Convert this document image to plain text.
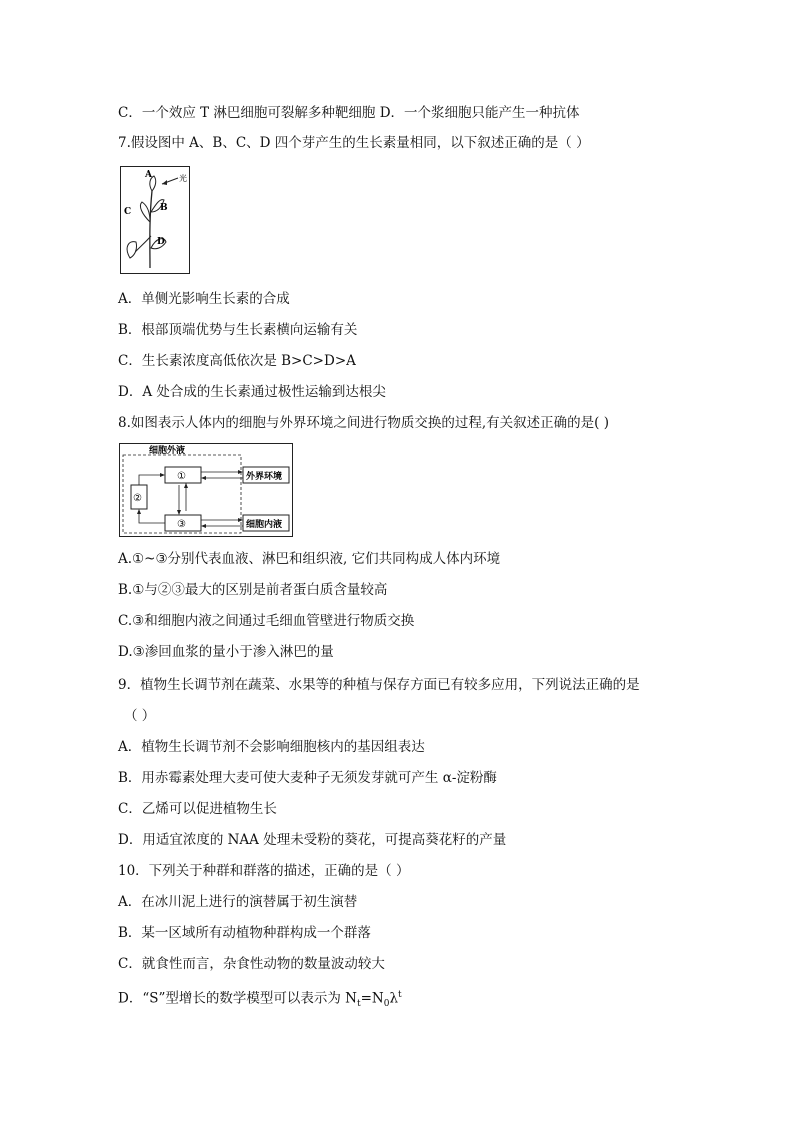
C．一个效应 T 淋巴细胞可裂解多种靶细胞 D．一个浆细胞只能产生一种抗体
7.假设图中 A、B、C、D 四个芽产生的生长素量相同，以下叙述正确的是（ ）
A
B
C
D
光
A．单侧光影响生长素的合成
B．根部顶端优势与生长素横向运输有关
C．生长素浓度高低依次是 B>C>D>A
D．A 处合成的生长素通过极性运输到达根尖
8.如图表示人体内的细胞与外界环境之间进行物质交换的过程,有关叙述正确的是( )
细胞外液
①
②
③
外界环境
细胞内液
A.①~③分别代表血液、淋巴和组织液, 它们共同构成人体内环境
B.①与②③最大的区别是前者蛋白质含量较高
C.③和细胞内液之间通过毛细血管壁进行物质交换
D.③渗回血浆的量小于渗入淋巴的量
9．植物生长调节剂在蔬菜、水果等的种植与保存方面已有较多应用，下列说法正确的是
（ ）
A．植物生长调节剂不会影响细胞核内的基因组表达
B．用赤霉素处理大麦可使大麦种子无须发芽就可产生 α-淀粉酶
C．乙烯可以促进植物生长
D．用适宜浓度的 NAA 处理未受粉的葵花，可提高葵花籽的产量
10．下列关于种群和群落的描述，正确的是（ ）
A．在冰川泥上进行的演替属于初生演替
B．某一区域所有动植物种群构成一个群落
C．就食性而言，杂食性动物的数量波动较大
D．“S”型增长的数学模型可以表示为 $N_t=N_0\lambda^t$
